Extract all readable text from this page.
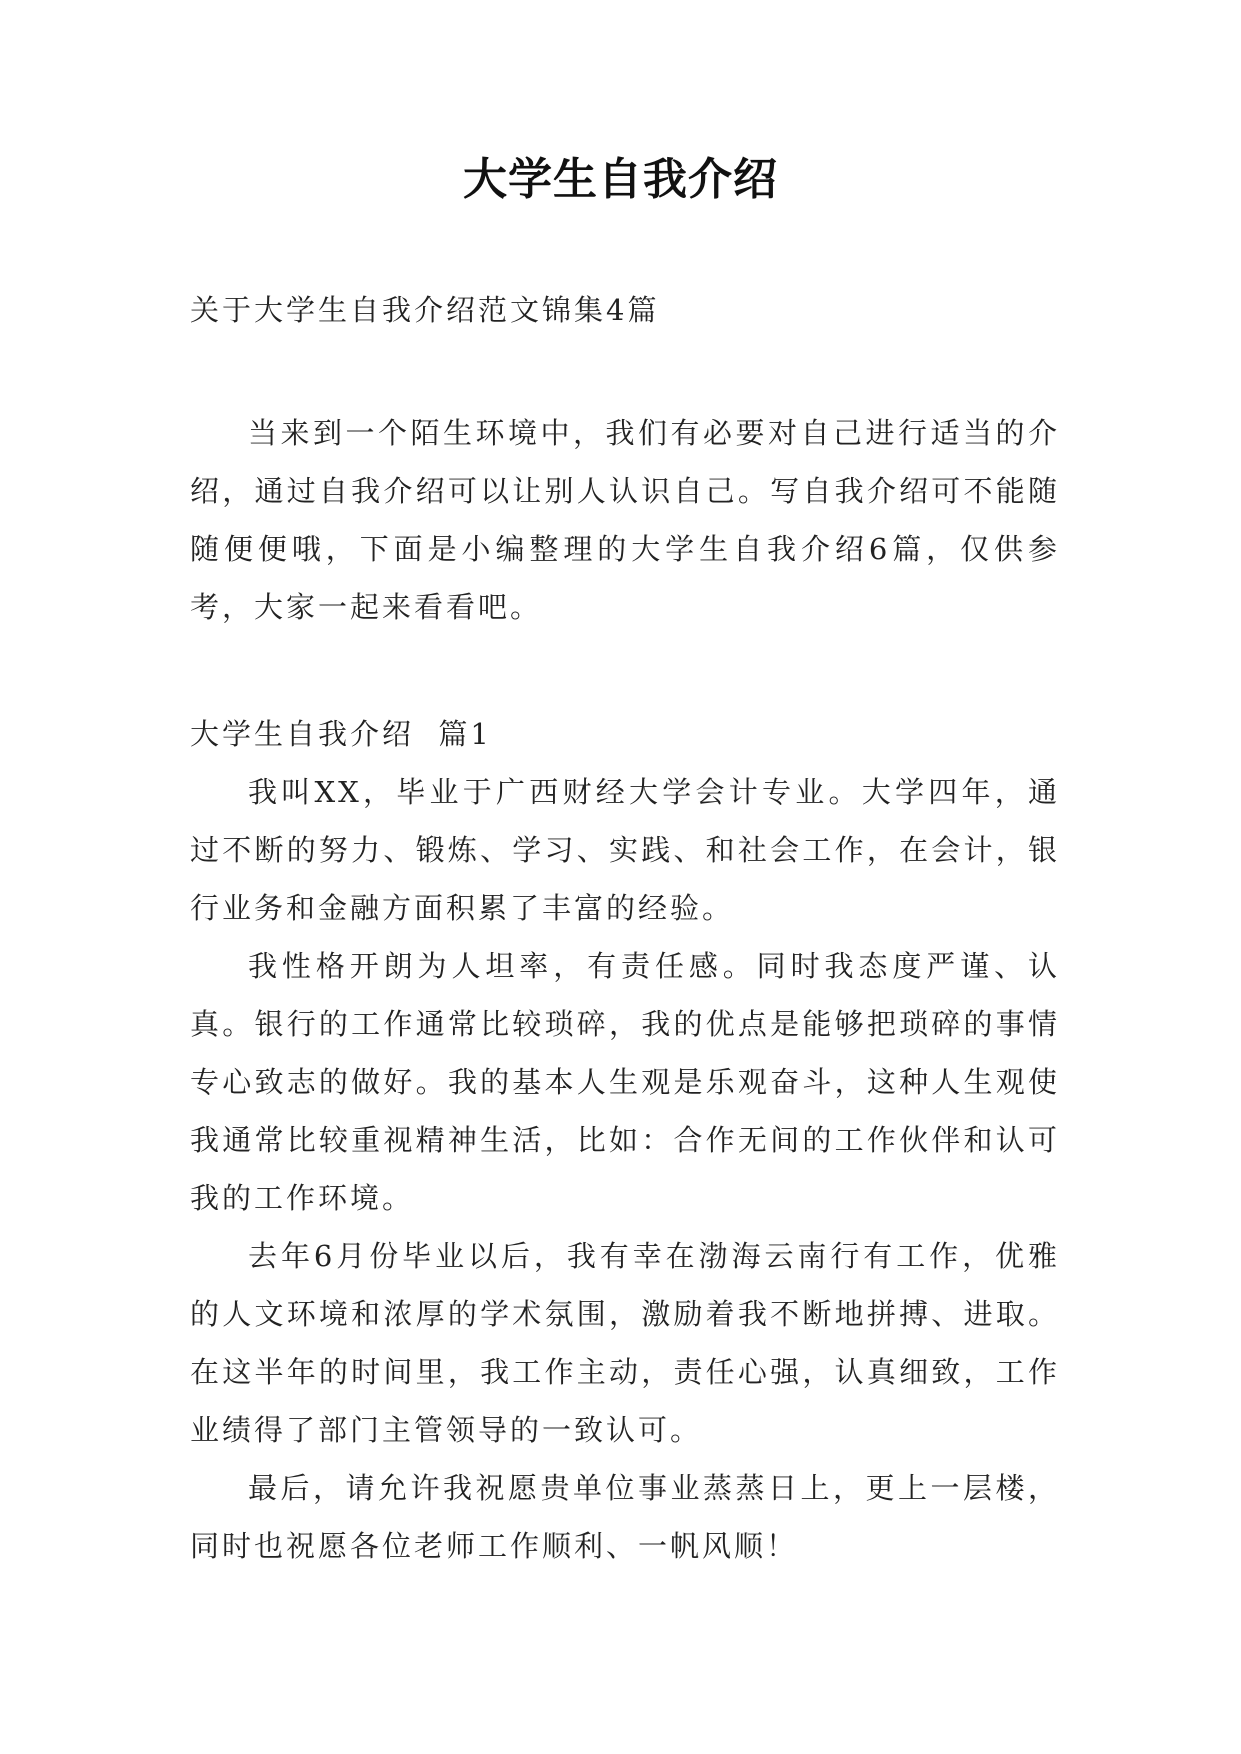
大学生自我介绍
关于大学生自我介绍范文锦集4篇

当来到一个陌生环境中，我们有必要对自己进行适当的介绍，通过自我介绍可以让别人认识自己。写自我介绍可不能随随便便哦，下面是小编整理的大学生自我介绍6篇，仅供参考，大家一起来看看吧。

大学生自我介绍  篇1

我叫XX，毕业于广西财经大学会计专业。大学四年，通过不断的努力、锻炼、学习、实践、和社会工作，在会计，银行业务和金融方面积累了丰富的经验。

我性格开朗为人坦率，有责任感。同时我态度严谨、认真。银行的工作通常比较琐碎，我的优点是能够把琐碎的事情专心致志的做好。我的基本人生观是乐观奋斗，这种人生观使我通常比较重视精神生活，比如：合作无间的工作伙伴和认可我的工作环境。

去年6月份毕业以后，我有幸在渤海云南行有工作，优雅的人文环境和浓厚的学术氛围，激励着我不断地拼搏、进取。在这半年的时间里，我工作主动，责任心强，认真细致，工作业绩得了部门主管领导的一致认可。

最后，请允许我祝愿贵单位事业蒸蒸日上，更上一层楼，同时也祝愿各位老师工作顺利、一帆风顺！
